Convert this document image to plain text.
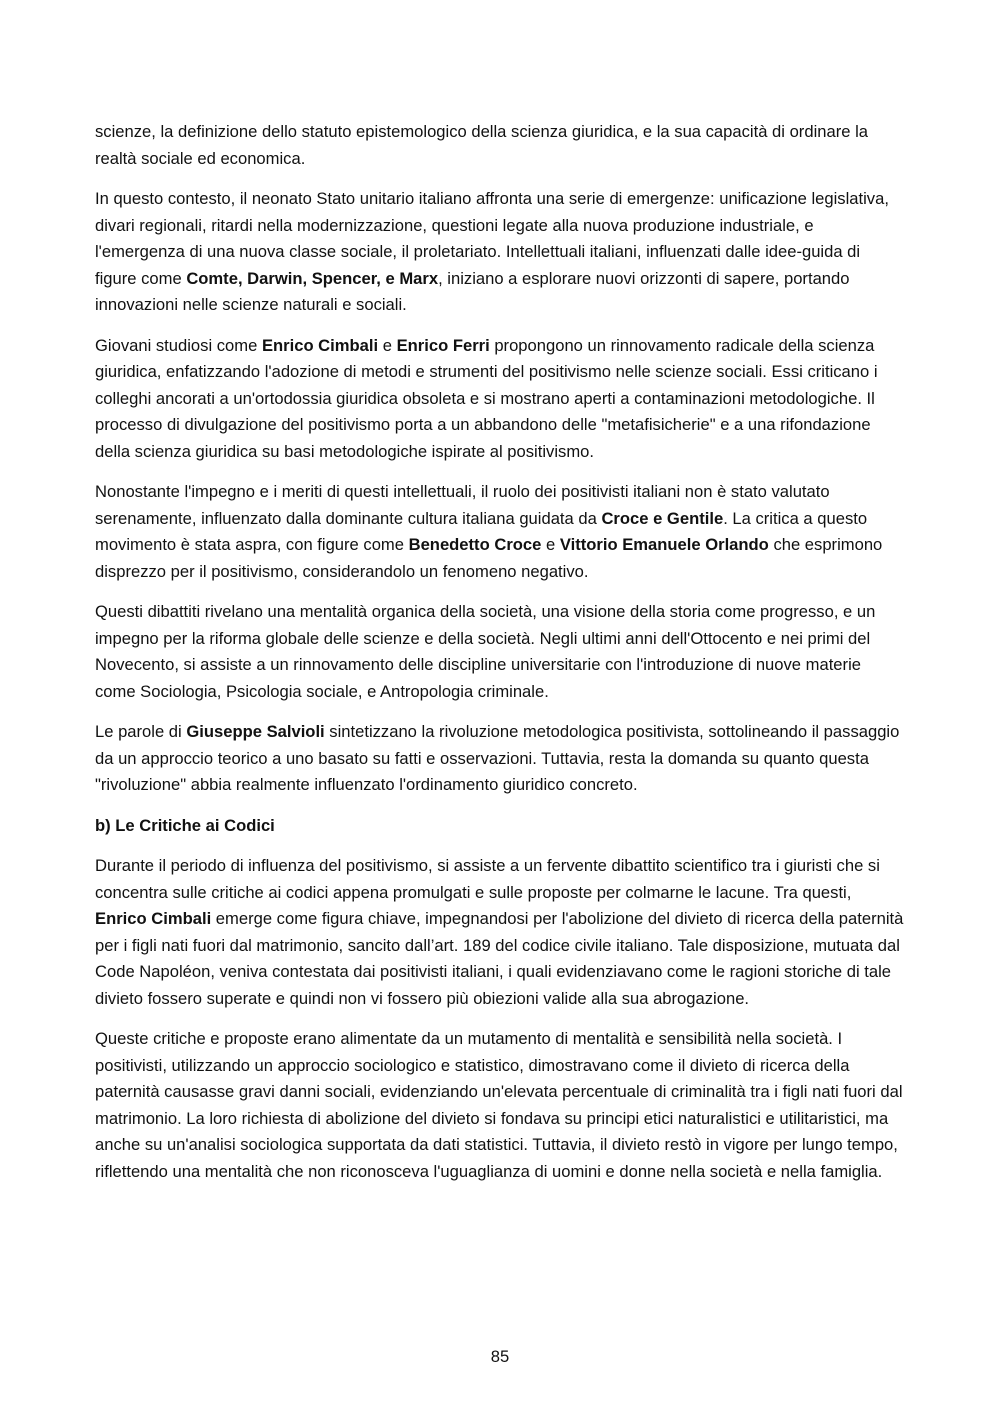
scienze, la definizione dello statuto epistemologico della scienza giuridica, e la sua capacità di ordinare la realtà sociale ed economica.

In questo contesto, il neonato Stato unitario italiano affronta una serie di emergenze: unificazione legislativa, divari regionali, ritardi nella modernizzazione, questioni legate alla nuova produzione industriale, e l'emergenza di una nuova classe sociale, il proletariato. Intellettuali italiani, influenzati dalle idee-guida di figure come Comte, Darwin, Spencer, e Marx, iniziano a esplorare nuovi orizzonti di sapere, portando innovazioni nelle scienze naturali e sociali.

Giovani studiosi come Enrico Cimbali e Enrico Ferri propongono un rinnovamento radicale della scienza giuridica, enfatizzando l'adozione di metodi e strumenti del positivismo nelle scienze sociali. Essi criticano i colleghi ancorati a un'ortodossia giuridica obsoleta e si mostrano aperti a contaminazioni metodologiche. Il processo di divulgazione del positivismo porta a un abbandono delle "metafisicherie" e a una rifondazione della scienza giuridica su basi metodologiche ispirate al positivismo.

Nonostante l'impegno e i meriti di questi intellettuali, il ruolo dei positivisti italiani non è stato valutato serenamente, influenzato dalla dominante cultura italiana guidata da Croce e Gentile. La critica a questo movimento è stata aspra, con figure come Benedetto Croce e Vittorio Emanuele Orlando che esprimono disprezzo per il positivismo, considerandolo un fenomeno negativo.

Questi dibattiti rivelano una mentalità organica della società, una visione della storia come progresso, e un impegno per la riforma globale delle scienze e della società. Negli ultimi anni dell'Ottocento e nei primi del Novecento, si assiste a un rinnovamento delle discipline universitarie con l'introduzione di nuove materie come Sociologia, Psicologia sociale, e Antropologia criminale.

Le parole di Giuseppe Salvioli sintetizzano la rivoluzione metodologica positivista, sottolineando il passaggio da un approccio teorico a uno basato su fatti e osservazioni. Tuttavia, resta la domanda su quanto questa "rivoluzione" abbia realmente influenzato l'ordinamento giuridico concreto.

b) Le Critiche ai Codici

Durante il periodo di influenza del positivismo, si assiste a un fervente dibattito scientifico tra i giuristi che si concentra sulle critiche ai codici appena promulgati e sulle proposte per colmarne le lacune. Tra questi, Enrico Cimbali emerge come figura chiave, impegnandosi per l'abolizione del divieto di ricerca della paternità per i figli nati fuori dal matrimonio, sancito dall’art. 189 del codice civile italiano. Tale disposizione, mutuata dal Code Napoléon, veniva contestata dai positivisti italiani, i quali evidenziavano come le ragioni storiche di tale divieto fossero superate e quindi non vi fossero più obiezioni valide alla sua abrogazione.

Queste critiche e proposte erano alimentate da un mutamento di mentalità e sensibilità nella società. I positivisti, utilizzando un approccio sociologico e statistico, dimostravano come il divieto di ricerca della paternità causasse gravi danni sociali, evidenziando un'elevata percentuale di criminalità tra i figli nati fuori dal matrimonio. La loro richiesta di abolizione del divieto si fondava su principi etici naturalistici e utilitaristici, ma anche su un'analisi sociologica supportata da dati statistici. Tuttavia, il divieto restò in vigore per lungo tempo, riflettendo una mentalità che non riconosceva l'uguaglianza di uomini e donne nella società e nella famiglia.

85
